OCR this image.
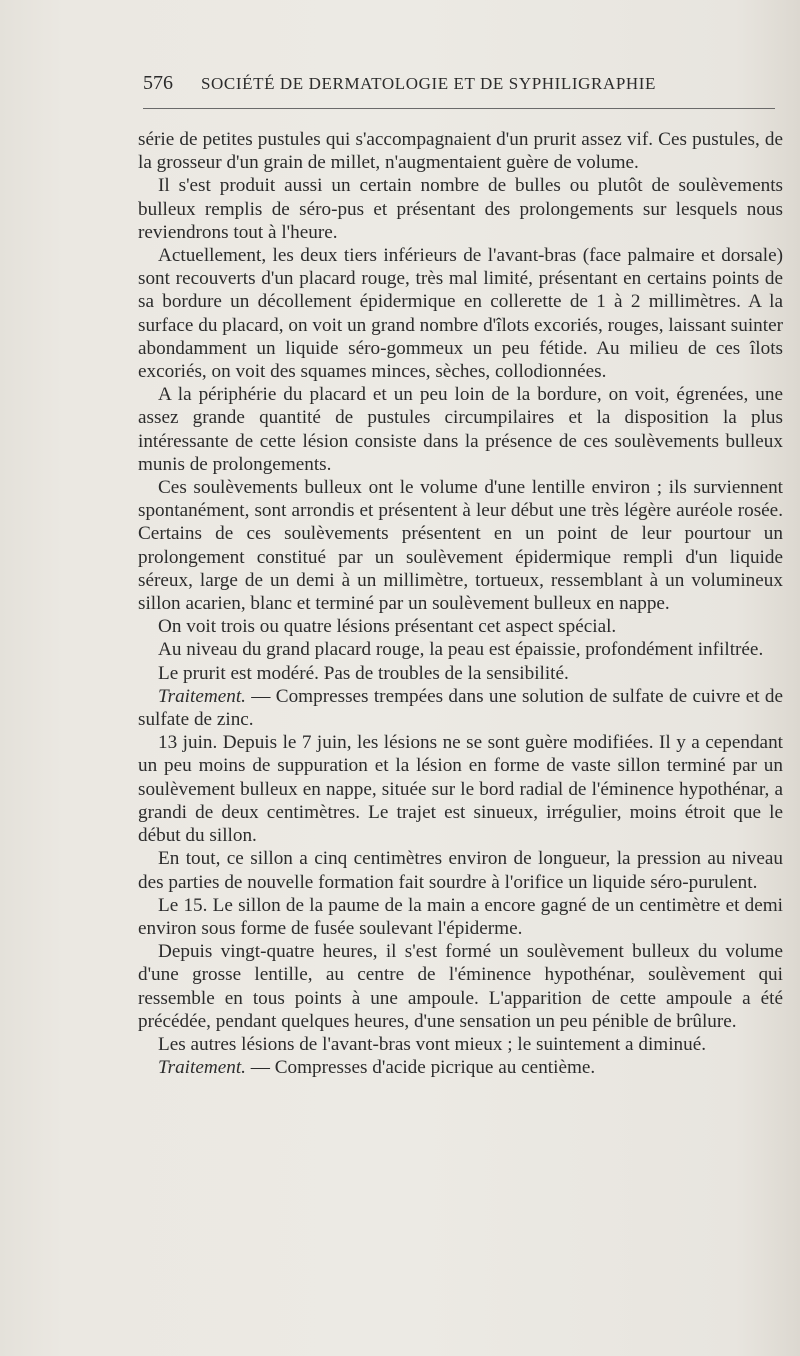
576 SOCIÉTÉ DE DERMATOLOGIE ET DE SYPHILIGRAPHIE

série de petites pustules qui s'accompagnaient d'un prurit assez vif. Ces pustules, de la grosseur d'un grain de millet, n'augmentaient guère de volume.

Il s'est produit aussi un certain nombre de bulles ou plutôt de soulèvements bulleux remplis de séro-pus et présentant des prolongements sur lesquels nous reviendrons tout à l'heure.

Actuellement, les deux tiers inférieurs de l'avant-bras (face palmaire et dorsale) sont recouverts d'un placard rouge, très mal limité, présentant en certains points de sa bordure un décollement épidermique en collerette de 1 à 2 millimètres. A la surface du placard, on voit un grand nombre d'îlots excoriés, rouges, laissant suinter abondamment un liquide séro-gommeux un peu fétide. Au milieu de ces îlots excoriés, on voit des squames minces, sèches, collodionnées.

A la périphérie du placard et un peu loin de la bordure, on voit, égrenées, une assez grande quantité de pustules circumpilaires et la disposition la plus intéressante de cette lésion consiste dans la présence de ces soulèvements bulleux munis de prolongements.

Ces soulèvements bulleux ont le volume d'une lentille environ ; ils surviennent spontanément, sont arrondis et présentent à leur début une très légère auréole rosée. Certains de ces soulèvements présentent en un point de leur pourtour un prolongement constitué par un soulèvement épidermique rempli d'un liquide séreux, large de un demi à un millimètre, tortueux, ressemblant à un volumineux sillon acarien, blanc et terminé par un soulèvement bulleux en nappe.

On voit trois ou quatre lésions présentant cet aspect spécial.

Au niveau du grand placard rouge, la peau est épaissie, profondément infiltrée.

Le prurit est modéré. Pas de troubles de la sensibilité.

Traitement. — Compresses trempées dans une solution de sulfate de cuivre et de sulfate de zinc.

13 juin. Depuis le 7 juin, les lésions ne se sont guère modifiées. Il y a cependant un peu moins de suppuration et la lésion en forme de vaste sillon terminé par un soulèvement bulleux en nappe, située sur le bord radial de l'éminence hypothénar, a grandi de deux centimètres. Le trajet est sinueux, irrégulier, moins étroit que le début du sillon.

En tout, ce sillon a cinq centimètres environ de longueur, la pression au niveau des parties de nouvelle formation fait sourdre à l'orifice un liquide séro-purulent.

Le 15. Le sillon de la paume de la main a encore gagné de un centimètre et demi environ sous forme de fusée soulevant l'épiderme.

Depuis vingt-quatre heures, il s'est formé un soulèvement bulleux du volume d'une grosse lentille, au centre de l'éminence hypothénar, soulèvement qui ressemble en tous points à une ampoule. L'apparition de cette ampoule a été précédée, pendant quelques heures, d'une sensation un peu pénible de brûlure.

Les autres lésions de l'avant-bras vont mieux ; le suintement a diminué.

Traitement. — Compresses d'acide picrique au centième.
